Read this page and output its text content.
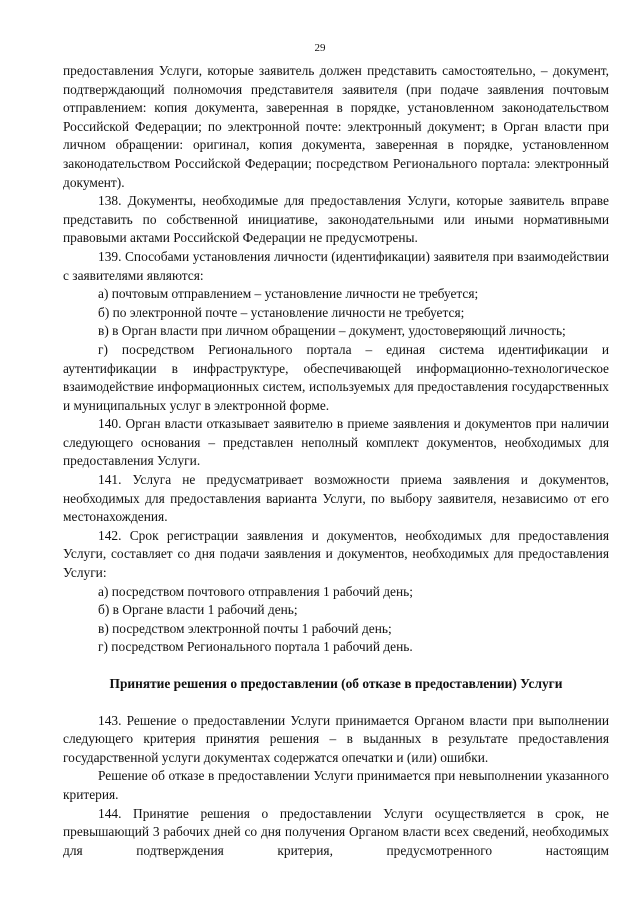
29

предоставления Услуги, которые заявитель должен представить самостоятельно, – документ, подтверждающий полномочия представителя заявителя (при подаче заявления почтовым отправлением: копия документа, заверенная в порядке, установленном законодательством Российской Федерации; по электронной почте: электронный документ; в Орган власти при личном обращении: оригинал, копия документа, заверенная в порядке, установленном законодательством Российской Федерации; посредством Регионального портала: электронный документ).

138. Документы, необходимые для предоставления Услуги, которые заявитель вправе представить по собственной инициативе, законодательными или иными нормативными правовыми актами Российской Федерации не предусмотрены.

139. Способами установления личности (идентификации) заявителя при взаимодействии с заявителями являются:

а) почтовым отправлением – установление личности не требуется;

б) по электронной почте – установление личности не требуется;

в) в Орган власти при личном обращении – документ, удостоверяющий личность;

г) посредством Регионального портала – единая система идентификации и аутентификации в инфраструктуре, обеспечивающей информационно-технологическое взаимодействие информационных систем, используемых для предоставления государственных и муниципальных услуг в электронной форме.

140. Орган власти отказывает заявителю в приеме заявления и документов при наличии следующего основания – представлен неполный комплект документов, необходимых для предоставления Услуги.

141. Услуга не предусматривает возможности приема заявления и документов, необходимых для предоставления варианта Услуги, по выбору заявителя, независимо от его местонахождения.

142. Срок регистрации заявления и документов, необходимых для предоставления Услуги, составляет со дня подачи заявления и документов, необходимых для предоставления Услуги:

а) посредством почтового отправления 1 рабочий день;

б) в Органе власти 1 рабочий день;

в) посредством электронной почты 1 рабочий день;

г) посредством Регионального портала 1 рабочий день.

Принятие решения о предоставлении (об отказе в предоставлении) Услуги

143. Решение о предоставлении Услуги принимается Органом власти при выполнении следующего критерия принятия решения – в выданных в результате предоставления государственной услуги документах содержатся опечатки и (или) ошибки.

Решение об отказе в предоставлении Услуги принимается при невыполнении указанного критерия.

144. Принятие решения о предоставлении Услуги осуществляется в срок, не превышающий 3 рабочих дней со дня получения Органом власти всех сведений, необходимых для подтверждения критерия, предусмотренного настоящим
